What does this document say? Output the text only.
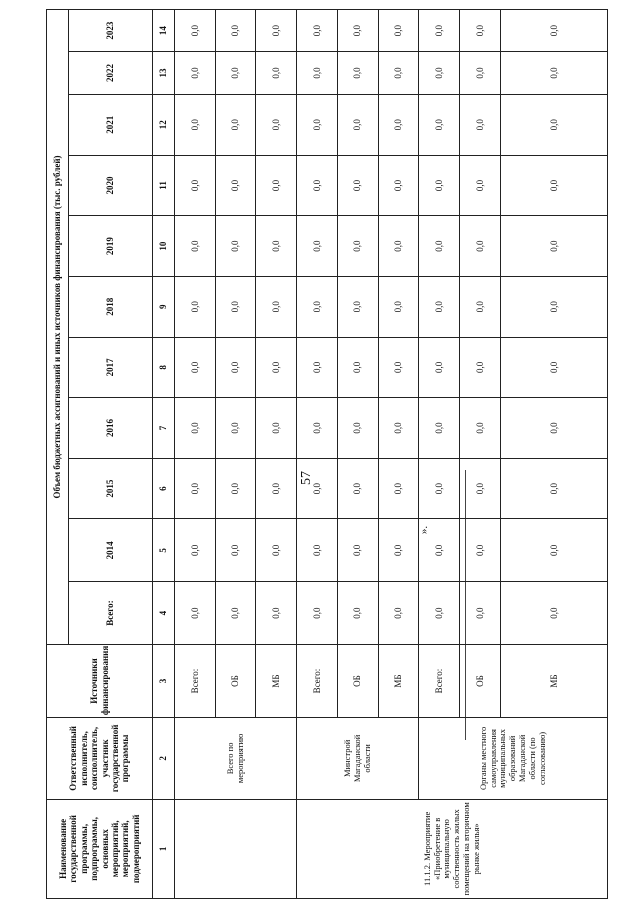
57
».
Наименование государственной программы, подпрограммы, основных мероприятий, мероприятий, подмероприятий	Ответственный исполнитель, соисполнитель, участник государственной программы	Источники финансирования	Объем бюджетных ассигнований и иных источников финансирования (тыс. рублей)										
			Всего:	2014	2015	2016	2017	2018	2019	2020	2021	2022	2023
1	2	3	4	5	6	7	8	9	10	11	12	13	14
	Всего по мероприятию	Всего:	0,0	0,0	0,0	0,0	0,0	0,0	0,0	0,0	0,0	0,0	0,0
		ОБ	0,0	0,0	0,0	0,0	0,0	0,0	0,0	0,0	0,0	0,0	0,0
		МБ	0,0	0,0	0,0	0,0	0,0	0,0	0,0	0,0	0,0	0,0	0,0
11.1.2. Мероприятие «Приобретение в муниципальную собственность жилых помещений на вторичном рынке жилья»	Минстрой Магаданской области	Всего:	0,0	0,0	0,0	0,0	0,0	0,0	0,0	0,0	0,0	0,0	0,0
		ОБ	0,0	0,0	0,0	0,0	0,0	0,0	0,0	0,0	0,0	0,0	0,0
		МБ	0,0	0,0	0,0	0,0	0,0	0,0	0,0	0,0	0,0	0,0	0,0
	Органы местного самоуправления муниципальных образований Магаданской области (по согласованию)	Всего:	0,0	0,0	0,0	0,0	0,0	0,0	0,0	0,0	0,0	0,0	0,0
		ОБ	0,0	0,0	0,0	0,0	0,0	0,0	0,0	0,0	0,0	0,0	0,0
		МБ	0,0	0,0	0,0	0,0	0,0	0,0	0,0	0,0	0,0	0,0	0,0
